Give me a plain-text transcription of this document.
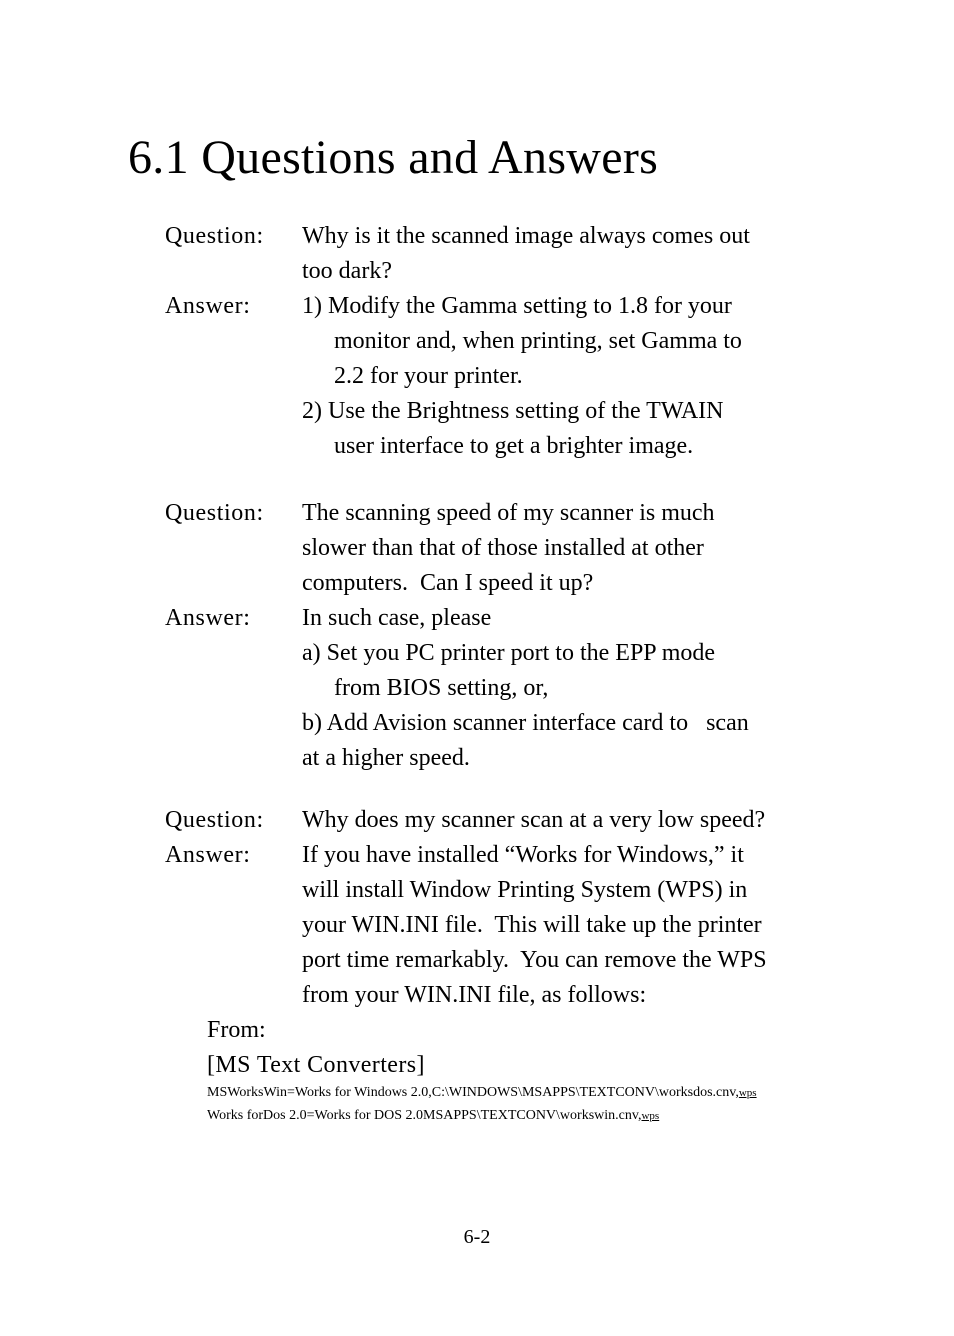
6.1 Questions and Answers
Question: Why is it the scanned image always comes out
too dark?
Answer: 1) Modify the Gamma setting to 1.8 for your
monitor and, when printing, set Gamma to
2.2 for your printer.
2) Use the Brightness setting of the TWAIN
user interface to get a brighter image.
Question: The scanning speed of my scanner is much
slower than that of those installed at other
computers.  Can I speed it up?
Answer: In such case, please
a) Set you PC printer port to the EPP mode
from BIOS setting, or,
b) Add Avision scanner interface card to   scan
at a higher speed.
Question: Why does my scanner scan at a very low speed?
Answer: If you have installed “Works for Windows,” it
will install Window Printing System (WPS) in
your WIN.INI file.  This will take up the printer
port time remarkably.  You can remove the WPS
from your WIN.INI file, as follows:
From:
[MS Text Converters]
MSWorksWin=Works for Windows 2.0,C:\WINDOWS\MSAPPS\TEXTCONV\worksdos.cnv,wps
Works forDos 2.0=Works for DOS 2.0MSAPPS\TEXTCONV\workswin.cnv,wps
6-2
